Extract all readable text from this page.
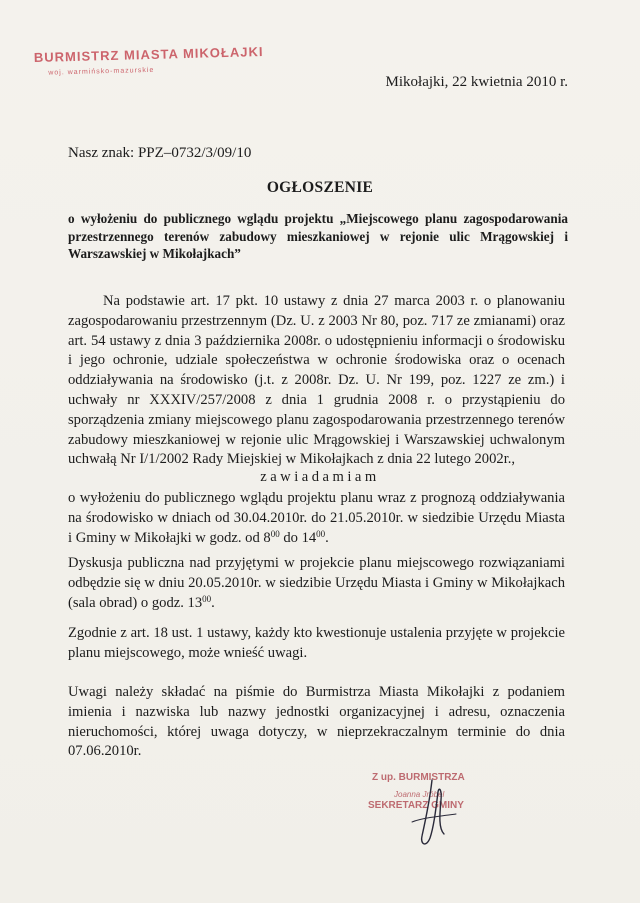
BURMISTRZ MIASTA MIKOŁAJKI
woj. warmińsko-mazurskie
Mikołajki, 22 kwietnia 2010 r.
Nasz znak: PPZ–0732/3/09/10
OGŁOSZENIE
o wyłożeniu do publicznego wglądu projektu „Miejscowego planu zagospodarowania przestrzennego terenów zabudowy mieszkaniowej w rejonie ulic Mrągowskiej i Warszawskiej w Mikołajkach”
Na podstawie art. 17 pkt. 10 ustawy z dnia 27 marca 2003 r. o planowaniu zagospodarowaniu przestrzennym (Dz. U. z 2003 Nr 80, poz. 717 ze zmianami) oraz art. 54 ustawy z dnia 3 października 2008r. o udostępnieniu informacji o środowisku i jego ochronie, udziale społeczeństwa w ochronie środowiska oraz o ocenach oddziaływania na środowisko (j.t. z 2008r. Dz. U. Nr 199, poz. 1227 ze zm.) i uchwały nr XXXIV/257/2008 z dnia 1 grudnia 2008 r. o przystąpieniu do sporządzenia zmiany miejscowego planu zagospodarowania przestrzennego terenów zabudowy mieszkaniowej w rejonie ulic Mrągowskiej i Warszawskiej uchwalonym uchwałą Nr I/1/2002 Rady Miejskiej w Mikołajkach z dnia 22 lutego 2002r.,
zawiadamiam
o wyłożeniu do publicznego wglądu projektu planu wraz z prognozą oddziaływania na środowisko w dniach od 30.04.2010r. do 21.05.2010r. w siedzibie Urzędu Miasta i Gminy w Mikołajki w godz. od $8^{00}$ do $14^{00}$.
Dyskusja publiczna nad przyjętymi w projekcie planu miejscowego rozwiązaniami odbędzie się w dniu 20.05.2010r. w siedzibie Urzędu Miasta i Gminy w Mikołajkach (sala obrad) o godz. $13^{00}$.
Zgodnie z art. 18 ust. 1 ustawy, każdy kto kwestionuje ustalenia przyjęte w projekcie planu miejscowego, może wnieść uwagi.
Uwagi należy składać na piśmie do Burmistrza Miasta Mikołajki z podaniem imienia i nazwiska lub nazwy jednostki organizacyjnej i adresu, oznaczenia nieruchomości, której uwaga dotyczy, w nieprzekraczalnym terminie do dnia 07.06.2010r.
Z up. BURMISTRZA
Joanna Jróbel
SEKRETARZ GMINY
